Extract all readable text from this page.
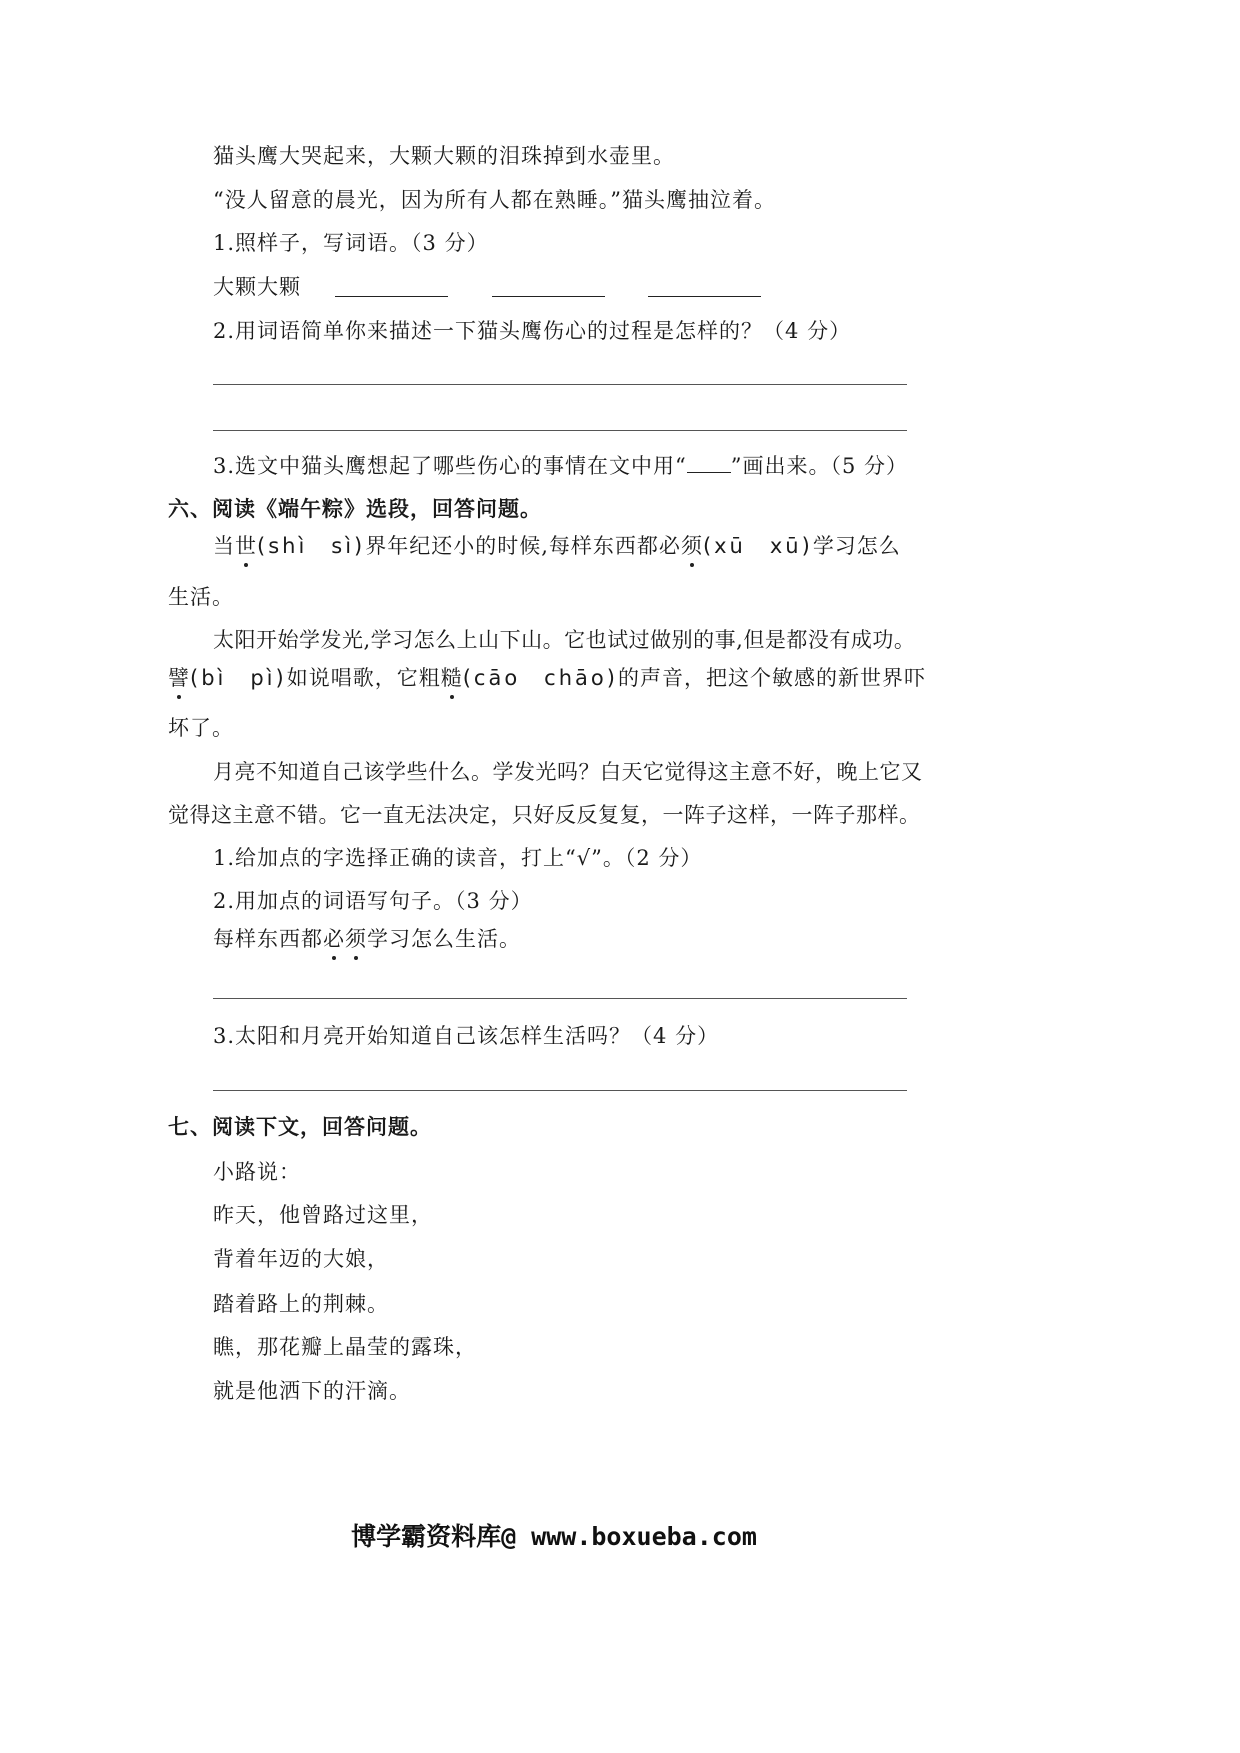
猫头鹰大哭起来，大颗大颗的泪珠掉到水壶里。
“没人留意的晨光，因为所有人都在熟睡。”猫头鹰抽泣着。
1.照样子，写词语。（3 分）
大颗大颗
2.用词语简单你来描述一下猫头鹰伤心的过程是怎样的？（4 分）
3.选文中猫头鹰想起了哪些伤心的事情在文中用“ ”画出来。（5 分）
六、阅读《端午粽》选段，回答问题。
当世(shì　sì)界年纪还小的时候,每样东西都必须(xū　xū)学习怎么
生活。
太阳开始学发光,学习怎么上山下山。它也试过做别的事,但是都没有成功。
譬(bì　pì)如说唱歌，它粗糙(cāo　chāo)的声音，把这个敏感的新世界吓
坏了。
月亮不知道自己该学些什么。学发光吗？白天它觉得这主意不好，晚上它又
觉得这主意不错。它一直无法决定，只好反反复复，一阵子这样，一阵子那样。
1.给加点的字选择正确的读音，打上“√”。（2 分）
2.用加点的词语写句子。（3 分）
每样东西都必须学习怎么生活。
3.太阳和月亮开始知道自己该怎样生活吗？（4 分）
七、阅读下文，回答问题。
小路说：
昨天，他曾路过这里，
背着年迈的大娘，
踏着路上的荆棘。
瞧，那花瓣上晶莹的露珠，
就是他洒下的汗滴。
博学霸资料库@ www.boxueba.com
